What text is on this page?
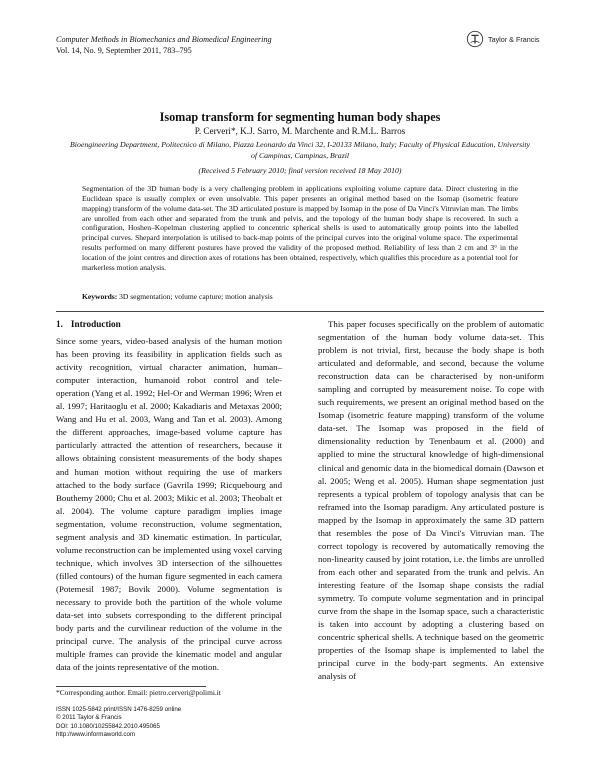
Computer Methods in Biomechanics and Biomedical Engineering
Vol. 14, No. 9, September 2011, 783–795
Taylor & Francis
Isomap transform for segmenting human body shapes
P. Cerveri*, K.J. Sarro, M. Marchente and R.M.L. Barros
Bioengineering Department, Politecnico di Milano, Piazza Leonardo da Vinci 32, I-20133 Milano, Italy; Faculty of Physical Education, University of Campinas, Campinas, Brazil
(Received 5 February 2010; final version received 18 May 2010)
Segmentation of the 3D human body is a very challenging problem in applications exploiting volume capture data. Direct clustering in the Euclidean space is usually complex or even unsolvable. This paper presents an original method based on the Isomap (isometric feature mapping) transform of the volume data-set. The 3D articulated posture is mapped by Isomap in the pose of Da Vinci's Vitruvian man. The limbs are unrolled from each other and separated from the trunk and pelvis, and the topology of the human body shape is recovered. In such a configuration, Hoshen–Kopelman clustering applied to concentric spherical shells is used to automatically group points into the labelled principal curves. Shepard interpolation is utilised to back-map points of the principal curves into the original volume space. The experimental results performed on many different postures have proved the validity of the proposed method. Reliability of less than 2 cm and 3° in the location of the joint centres and direction axes of rotations has been obtained, respectively, which qualifies this procedure as a potential tool for markerless motion analysis.
Keywords: 3D segmentation; volume capture; motion analysis
1. Introduction

Since some years, video-based analysis of the human motion has been proving its feasibility in application fields such as activity recognition, virtual character animation, human–computer interaction, humanoid robot control and tele-operation (Yang et al. 1992; Hel-Or and Werman 1996; Wren et al. 1997; Haritaoglu et al. 2000; Kakadiaris and Metaxas 2000; Wang and Hu et al. 2003, Wang and Tan et al. 2003). Among the different approaches, image-based volume capture has particularly attracted the attention of researchers, because it allows obtaining consistent measurements of the body shapes and human motion without requiring the use of markers attached to the body surface (Gavrila 1999; Ricquebourg and Bouthemy 2000; Chu et al. 2003; Mikic et al. 2003; Theobalt et al. 2004). The volume capture paradigm implies image segmentation, volume reconstruction, volume segmentation, segment analysis and 3D kinematic estimation. In particular, volume reconstruction can be implemented using voxel carving technique, which involves 3D intersection of the silhouettes (filled contours) of the human figure segmented in each camera (Potemesil 1987; Bovik 2000). Volume segmentation is necessary to provide both the partition of the whole volume data-set into subsets corresponding to the different principal body parts and the curvilinear reduction of the volume in the principal curve. The analysis of the principal curve across multiple frames can provide the kinematic model and angular data of the joints representative of the motion.

This paper focuses specifically on the problem of automatic segmentation of the human body volume data-set. This problem is not trivial, first, because the body shape is both articulated and deformable, and second, because the volume reconstruction data can be characterised by non-uniform sampling and corrupted by measurement noise. To cope with such requirements, we present an original method based on the Isomap (isometric feature mapping) transform of the volume data-set. The Isomap was proposed in the field of dimensionality reduction by Tenenbaum et al. (2000) and applied to mine the structural knowledge of high-dimensional clinical and genomic data in the biomedical domain (Dawson et al. 2005; Weng et al. 2005). Human shape segmentation just represents a typical problem of topology analysis that can be reframed into the Isomap paradigm. Any articulated posture is mapped by the Isomap in approximately the same 3D pattern that resembles the pose of Da Vinci's Vitruvian man. The correct topology is recovered by automatically removing the non-linearity caused by joint rotation, i.e. the limbs are unrolled from each other and separated from the trunk and pelvis. An interesting feature of the Isomap shape consists the radial symmetry. To compute volume segmentation and in principal curve from the shape in the Isomap space, such a characteristic is taken into account by adopting a clustering based on concentric spherical shells. A technique based on the geometric properties of the Isomap shape is implemented to label the principal curve in the body-part segments. An extensive analysis of

*Corresponding author. Email: pietro.cerveri@polimi.it
ISSN 1025-5842 print/ISSN 1476-8259 online
© 2011 Taylor & Francis
DOI: 10.1080/10255842.2010.495065
http://www.informaworld.com
